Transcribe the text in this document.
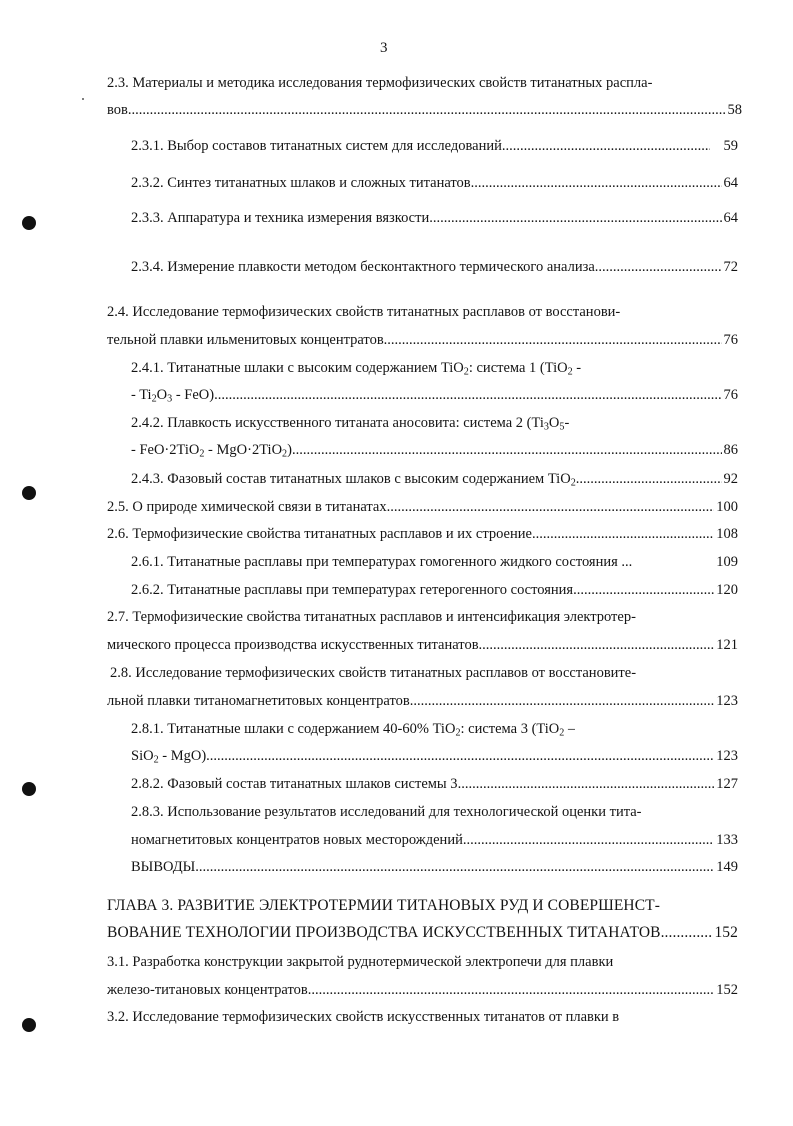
3
2.3. Материалы и методика исследования термофизических свойств титанатных распла-
вов .....	58
2.3.1. Выбор составов титанатных систем для исследований .....	59
2.3.2. Синтез титанатных шлаков и сложных титанатов .....	64
2.3.3. Аппаратура и техника измерения вязкости .....	64
2.3.4. Измерение плавкости методом бесконтактного термического анализа .....	72
2.4. Исследование термофизических свойств титанатных расплавов от восстанови-
тельной плавки ильменитовых концентратов .....	76
2.4.1. Титанатные шлаки с высоким содержанием TiO$_2$: система 1 (TiO$_2$ -
- $Ti_2O_3 - FeO$) .....	76
2.4.2. Плавкость искусственного титаната аносовита: система 2 ($Ti_3O_5-$
- FeO·2TiO$_2$ - MgO·2TiO$_2$) .....	86
2.4.3. Фазовый состав титанатных шлаков с высоким содержанием TiO$_2$ .....	92
2.5. О природе химической связи в титанатах .....	100
2.6. Термофизические свойства титанатных расплавов и их строение .....	108
2.6.1. Титанатные расплавы при температурах гомогенного жидкого состояния ...	109
2.6.2. Титанатные расплавы при температурах гетерогенного состояния .....	120
2.7. Термофизические свойства титанатных расплавов и интенсификация электротер-
мического процесса производства искусственных титанатов .....	121
2.8. Исследование термофизических свойств титанатных расплавов от восстановите-
льной плавки титаномагнетитовых концентратов .....	123
2.8.1. Титанатные шлаки с содержанием 40-60% TiO$_2$: система 3 (TiO$_2$ –
SiO$_2$ - MgO) .....	123
2.8.2. Фазовый состав титанатных шлаков системы 3 .....	127
2.8.3. Использование результатов исследований для технологической оценки тита-
номагнетитовых концентратов новых месторождений .....	133
ВЫВОДЫ .....	149
ГЛАВА 3. РАЗВИТИЕ ЭЛЕКТРОТЕРМИИ ТИТАНОВЫХ РУД И СОВЕРШЕНСТ-
ВОВАНИЕ ТЕХНОЛОГИИ ПРОИЗВОДСТВА ИСКУССТВЕННЫХ ТИТАНАТОВ .....	152
3.1. Разработка конструкции закрытой руднотермической электропечи для плавки
железо-титановых концентратов .....	152
3.2. Исследование термофизических свойств искусственных титанатов от плавки в
